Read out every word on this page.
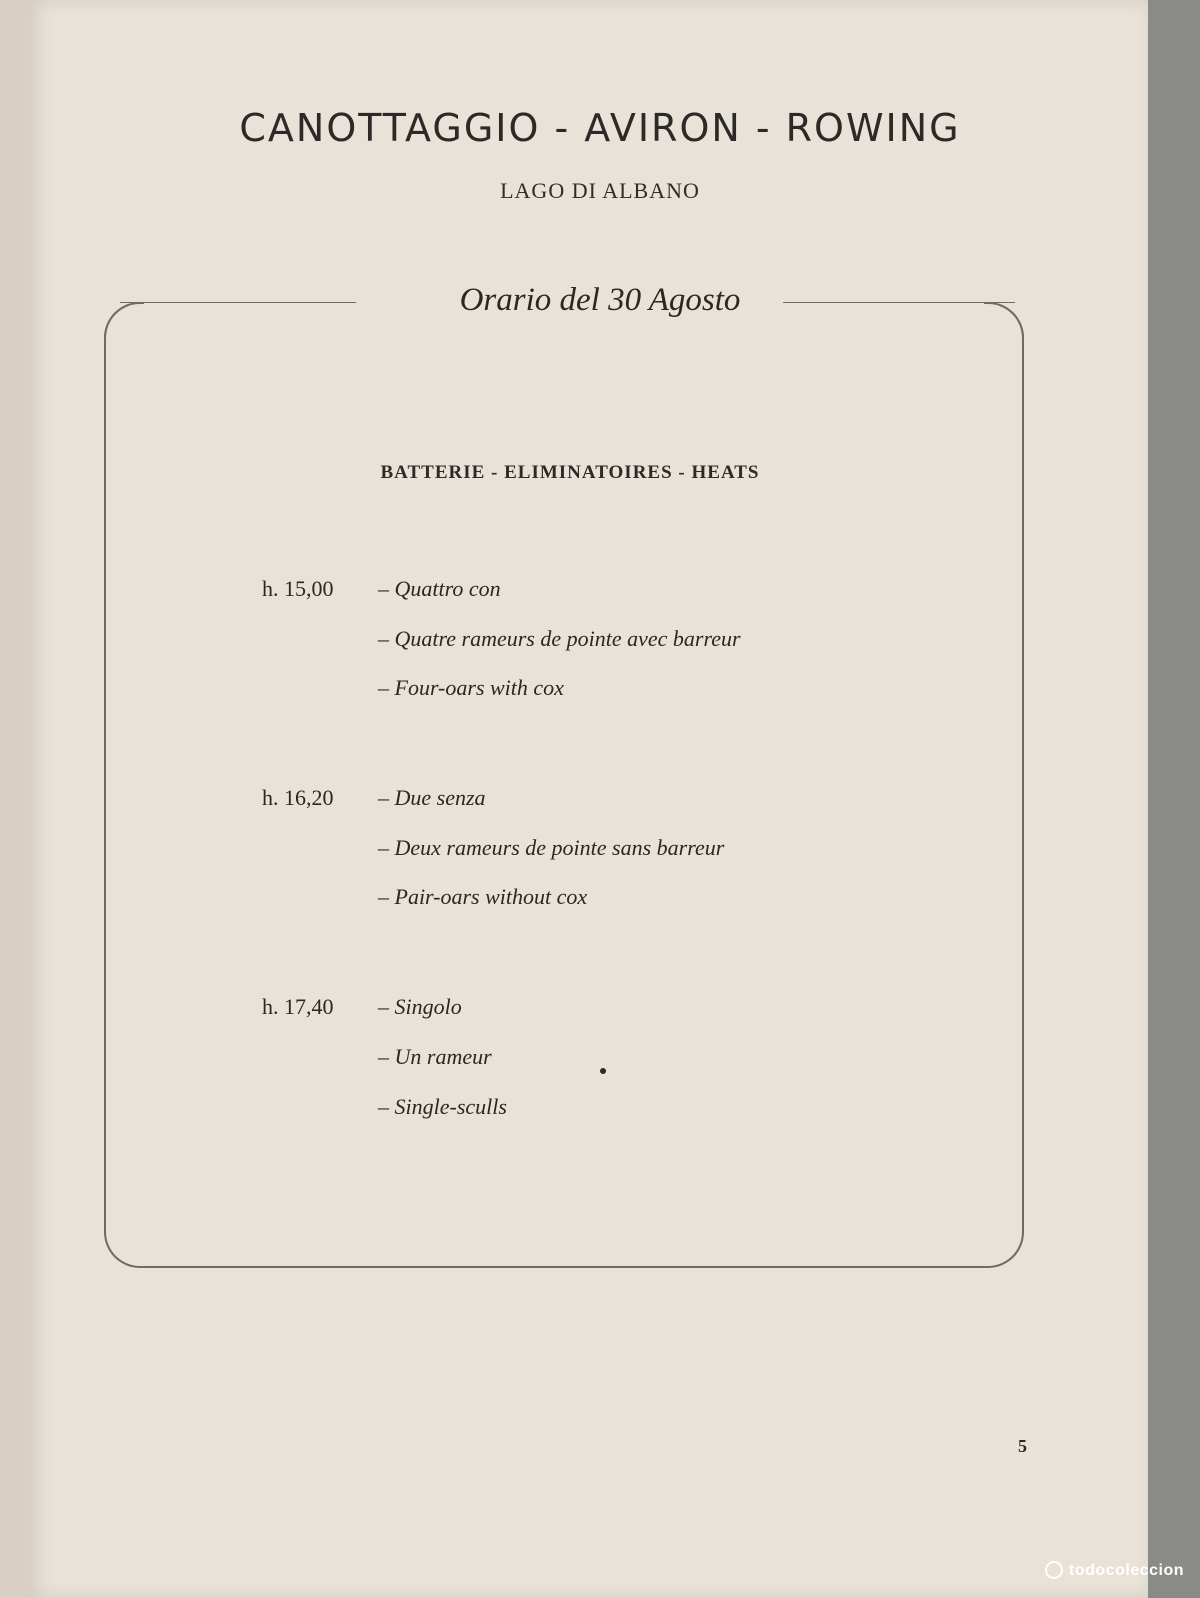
CANOTTAGGIO - AVIRON - ROWING
LAGO DI ALBANO
Orario del 30 Agosto
BATTERIE - ELIMINATOIRES - HEATS
h. 15,00 – Quattro con
– Quatre rameurs de pointe avec barreur
– Four-oars with cox
h. 16,20 – Due senza
– Deux rameurs de pointe sans barreur
– Pair-oars without cox
h. 17,40 – Singolo
– Un rameur
– Single-sculls
5
todocoleccion
